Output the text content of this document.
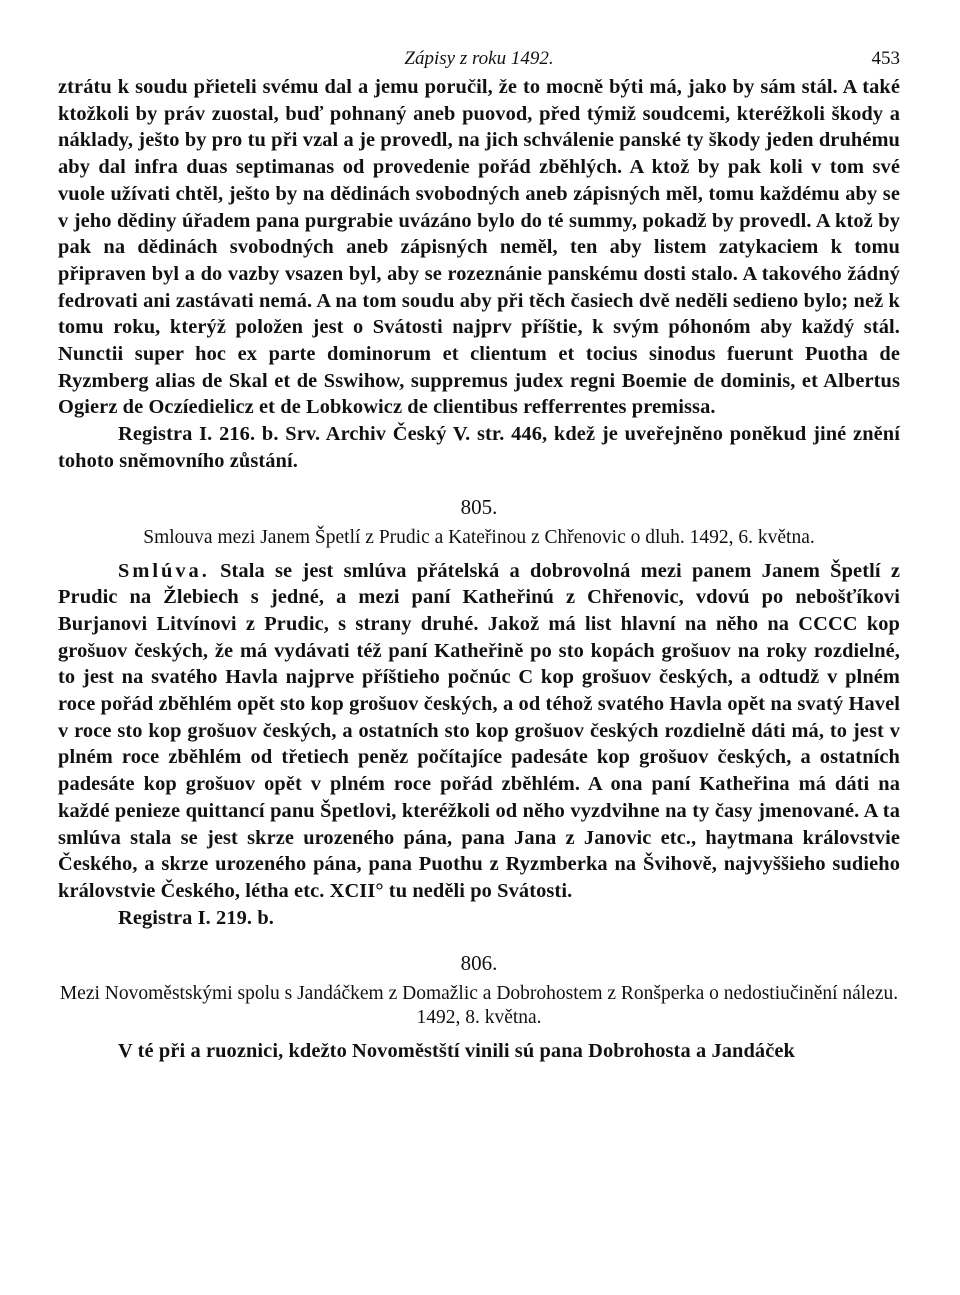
Zápisy z roku 1492.	453

ztrátu k soudu přieteli svému dal a jemu poručil, že to mocně býti má, jako by sám stál. A také ktožkoli by práv zuostal, buď pohnaný aneb puovod, před týmiž soudcemi, kteréžkoli škody a náklady, ješto by pro tu při vzal a je provedl, na jich schválenie panské ty škody jeden druhému aby dal infra duas septimanas od provedenie pořád zběhlých. A ktož by pak koli v tom své vuole užívati chtěl, ješto by na dědinách svobodných aneb zápisných měl, tomu každému aby se v jeho dědiny úřadem pana purgrabie uvázáno bylo do té summy, pokadž by provedl. A ktož by pak na dědinách svobodných aneb zápisných neměl, ten aby listem zatykaciem k tomu připraven byl a do vazby vsazen byl, aby se rozeznánie panskému dosti stalo. A takového žádný fedrovati ani zastávati nemá. A na tom soudu aby při těch časiech dvě neděli sedieno bylo; než k tomu roku, kterýž položen jest o Svátosti najprv příštie, k svým póhonóm aby každý stál. Nunctii super hoc ex parte dominorum et clientum et tocius sinodus fuerunt Puotha de Ryzmberg alias de Skal et de Sswihow, suppremus judex regni Boemie de dominis, et Albertus Ogierz de Oczíedielicz et de Lobkowicz de clientibus refferrentes premissa.

Registra I. 216. b. Srv. Archiv Český V. str. 446, kdež je uveřejněno poněkud jiné znění tohoto sněmovního zůstání.

805.
Smlouva mezi Janem Špetlí z Prudic a Kateřinou z Chřenovic o dluh. 1492, 6. května.

Smlúva. Stala se jest smlúva přátelská a dobrovolná mezi panem Janem Špetlí z Prudic na Žlebiech s jedné, a mezi paní Katheřinú z Chřenovic, vdovú po nebošťíkovi Burjanovi Litvínovi z Prudic, s strany druhé. Jakož má list hlavní na něho na CCCC kop grošuov českých, že má vydávati též paní Katheřině po sto kopách grošuov na roky rozdielné, to jest na svatého Havla najprve příštieho počnúc C kop grošuov českých, a odtudž v plném roce pořád zběhlém opět sto kop grošuov českých, a od téhož svatého Havla opět na svatý Havel v roce sto kop grošuov českých, a ostatních sto kop grošuov českých rozdielně dáti má, to jest v plném roce zběhlém od třetiech peněz počítajíce padesáte kop grošuov českých, a ostatních padesáte kop grošuov opět v plném roce pořád zběhlém. A ona paní Katheřina má dáti na každé penieze quittancí panu Špetlovi, kteréžkoli od něho vyzdvihne na ty časy jmenované. A ta smlúva stala se jest skrze urozeného pána, pana Jana z Janovic etc., haytmana královstvie Českého, a skrze urozeného pána, pana Puothu z Ryzmberka na Švihově, najvyššieho sudieho královstvie Českého, létha etc. XCII° tu neděli po Svátosti.

Registra I. 219. b.

806.
Mezi Novoměstskými spolu s Jandáčkem z Domažlic a Dobrohostem z Ronšperka o nedostiučinění nálezu. 1492, 8. května.

V té při a ruoznici, kdežto Novoměstští vinili sú pana Dobrohosta a Jandáček
